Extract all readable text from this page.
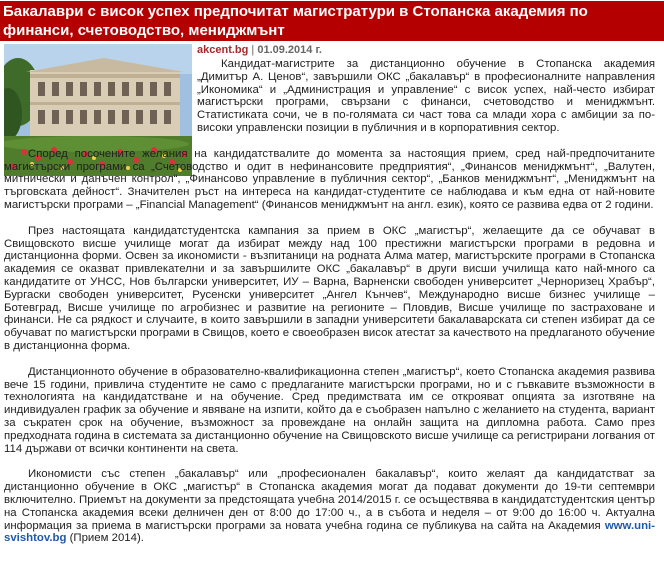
Бакалаври с висок успех предпочитат магистратури в Стопанска академия по финанси, счетоводство, мениджмънт
akcent.bg | 01.09.2014 г.

Кандидат-магистрите за дистанционно обучение в Стопанска академия „Димитър А. Ценов“, завършили ОКС „бакалавър“ в професионалните направления „Икономика“ и „Администрация и управление“ с висок успех, най-често избират магистърски програми, свързани с финанси, счетоводство и мениджмънт. Статистиката сочи, че в по-голямата си част това са млади хора с амбиции за по-високи управленски позиции в публичния и в корпоративния сектор.

Според посочените желания на кандидатствалите до момента за настоящия прием, сред най-предпочитаните магистърски програми са „Счетоводство и одит в нефинансовите предприятия“, „Финансов мениджмънт“, „Валутен, митнически и данъчен контрол“, „Финансово управление в публичния сектор“, „Банков мениджмънт“, „Мениджмънт на търговската дейност“. Значителен ръст на интереса на кандидат-студентите се наблюдава и към една от най-новите магистърски програми – „Financial Management“ (Финансов мениджмънт на англ. език), която се развива едва от 2 години.

През настоящата кандидатстудентска кампания за прием в ОКС „магистър“, желаещите да се обучават в Свищовското висше училище могат да избират между над 100 престижни магистърски програми в редовна и дистанционна форми. Освен за икономисти - възпитаници на родната Алма матер, магистърските програми в Стопанска академия се оказват привлекателни и за завършилите ОКС „бакалавър“ в други висши училища като най-много са кандидатите от УНСС, Нов български университет, ИУ – Варна, Варненски свободен университет „Черноризец Храбър“, Бургаски свободен университет, Русенски университет „Ангел Кънчев“, Международно висше бизнес училище – Ботевград, Висше училище по агробизнес и развитие на регионите – Пловдив, Висше училище по застраховане и финанси. Не са рядкост и случаите, в които завършили в западни университети бакалаварската си степен избират да се обучават по магистърски програми в Свищов, което е своеобразен висок атестат за качеството на предлаганото обучение в дистанционна форма.

Дистанционното обучение в образователно-квалификационна степен „магистър“, което Стопанска академия развива вече 15 години, привлича студентите не само с предлаганите магистърски програми, но и с гъвкавите възможности в технологията на кандидатстване и на обучение. Сред предимствата им се открояват опцията за изготвяне на индивидуален график за обучение и явяване на изпити, който да е съобразен напълно с желанието на студента, вариант за съкратен срок на обучение, възможност за провеждане на онлайн защита на дипломна работа. Само през предходната година в системата за дистанционно обучение на Свищовското висше училище са регистрирани логвания от 114 държави от всички континенти на света.

Икономисти със степен „бакалавър“ или „професионален бакалавър“, които желаят да кандидатстват за дистанционно обучение в ОКС „магистър“ в Стопанска академия могат да подават документи до 19-ти септември включително. Приемът на документи за предстоящата учебна 2014/2015 г. се осъществява в кандидатстудентския център на Стопанска академия всеки делничен ден от 8:00 до 17:00 ч., а в събота и неделя – от 9:00 до 16:00 ч. Актуална информация за приема в магистърски програми за новата учебна година се публикува на сайта на Академия www.uni-svishtov.bg (Прием 2014).
